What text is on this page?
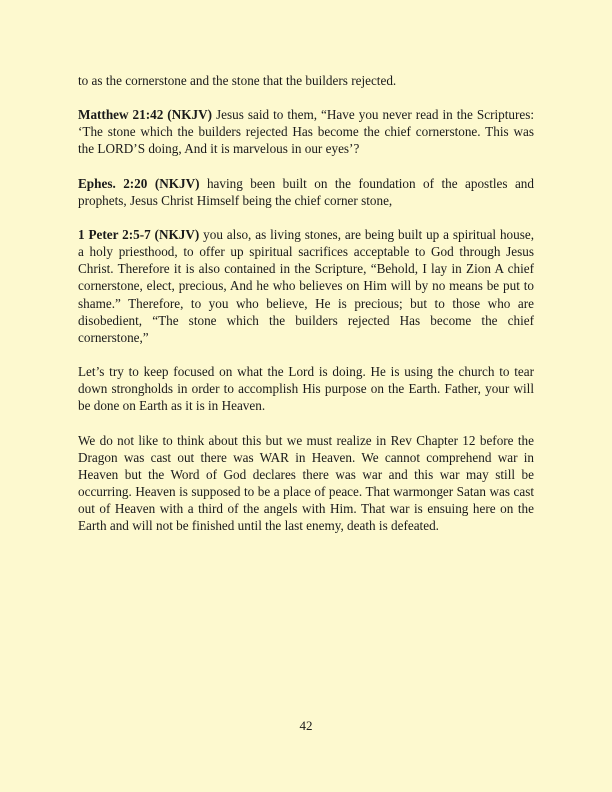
to as the cornerstone and the stone that the builders rejected.

Matthew 21:42 (NKJV) Jesus said to them, “Have you never read in the Scriptures: ‘The stone which the builders rejected Has become the chief cornerstone. This was the LORD’S doing, And it is marvelous in our eyes’?

Ephes. 2:20 (NKJV) having been built on the foundation of the apostles and prophets, Jesus Christ Himself being the chief corner stone,

1 Peter 2:5-7 (NKJV) you also, as living stones, are being built up a spiritual house, a holy priesthood, to offer up spiritual sacrifices acceptable to God through Jesus Christ. Therefore it is also contained in the Scripture, “Behold, I lay in Zion A chief cornerstone, elect, precious, And he who believes on Him will by no means be put to shame.” Therefore, to you who believe, He is precious; but to those who are disobedient, “The stone which the builders rejected Has become the chief cornerstone,”

Let’s try to keep focused on what the Lord is doing. He is using the church to tear down strongholds in order to accomplish His purpose on the Earth. Father, your will be done on Earth as it is in Heaven.

We do not like to think about this but we must realize in Rev Chapter 12 before the Dragon was cast out there was WAR in Heaven. We cannot comprehend war in Heaven but the Word of God declares there was war and this war may still be occurring. Heaven is supposed to be a place of peace. That warmonger Satan was cast out of Heaven with a third of the angels with Him. That war is ensuing here on the Earth and will not be finished until the last enemy, death is defeated.

42
